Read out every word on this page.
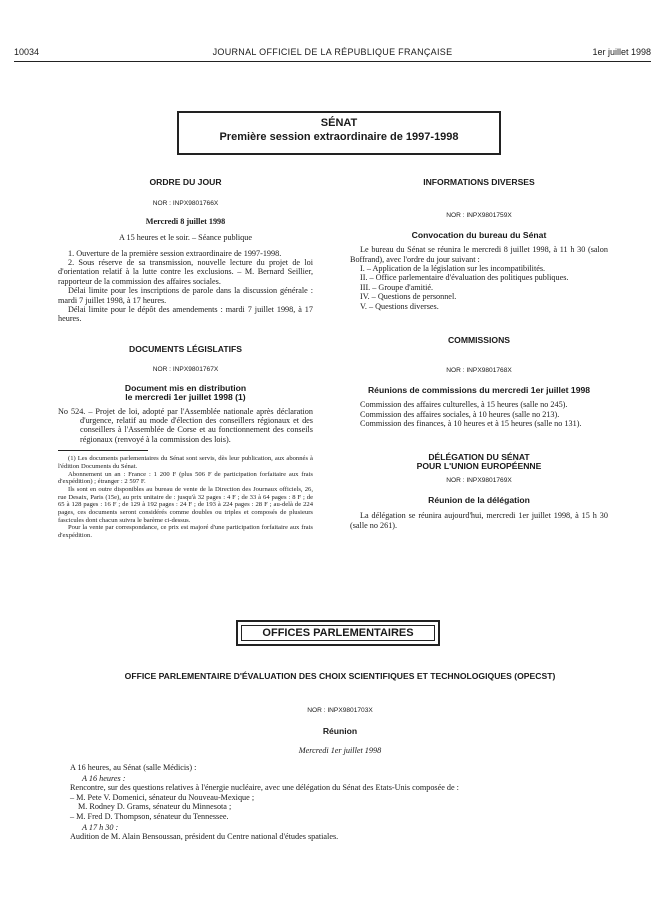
10034	JOURNAL OFFICIEL DE LA RÉPUBLIQUE FRANÇAISE	1er juillet 1998
SÉNAT
Première session extraordinaire de 1997-1998
ORDRE DU JOUR
NOR : INPX9801766X
Mercredi 8 juillet 1998
A 15 heures et le soir. – Séance publique

1. Ouverture de la première session extraordinaire de 1997-1998.

2. Sous réserve de sa transmission, nouvelle lecture du projet de loi d'orientation relatif à la lutte contre les exclusions. – M. Bernard Seillier, rapporteur de la commission des affaires sociales.

Délai limite pour les inscriptions de parole dans la discussion générale : mardi 7 juillet 1998, à 17 heures.

Délai limite pour le dépôt des amendements : mardi 7 juillet 1998, à 17 heures.

DOCUMENTS LÉGISLATIFS
NOR : INPX9801767X
Document mis en distribution
le mercredi 1er juillet 1998 (1)

No 524. – Projet de loi, adopté par l'Assemblée nationale après déclaration d'urgence, relatif au mode d'élection des conseillers régionaux et des conseillers à l'Assemblée de Corse et au fonctionnement des conseils régionaux (renvoyé à la commission des lois).

(1) Les documents parlementaires du Sénat sont servis, dès leur publication, aux abonnés à l'édition Documents du Sénat.

Abonnement un an : France : 1 200 F (plus 506 F de participation forfaitaire aux frais d'expédition) ; étranger : 2 597 F.

Ils sont en outre disponibles au bureau de vente de la Direction des Journaux officiels, 26, rue Desaix, Paris (15e), au prix unitaire de : jusqu'à 32 pages : 4 F ; de 33 à 64 pages : 8 F ; de 65 à 128 pages : 16 F ; de 129 à 192 pages : 24 F ; de 193 à 224 pages : 28 F ; au-delà de 224 pages, ces documents seront considérés comme doubles ou triples et composés de plusieurs fascicules dont chacun suivra le barème ci-dessus.

Pour la vente par correspondance, ce prix est majoré d'une participation forfaitaire aux frais d'expédition.

INFORMATIONS DIVERSES
NOR : INPX9801759X
Convocation du bureau du Sénat

Le bureau du Sénat se réunira le mercredi 8 juillet 1998, à 11 h 30 (salon Boffrand), avec l'ordre du jour suivant :

I. – Application de la législation sur les incompatibilités.

II. – Office parlementaire d'évaluation des politiques publiques.

III. – Groupe d'amitié.

IV. – Questions de personnel.

V. – Questions diverses.

COMMISSIONS
NOR : INPX9801768X
Réunions de commissions du mercredi 1er juillet 1998

Commission des affaires culturelles, à 15 heures (salle no 245).

Commission des affaires sociales, à 10 heures (salle no 213).

Commission des finances, à 10 heures et à 15 heures (salle no 131).

DÉLÉGATION DU SÉNAT
POUR L'UNION EUROPÉENNE
NOR : INPX9801769X
Réunion de la délégation

La délégation se réunira aujourd'hui, mercredi 1er juillet 1998, à 15 h 30 (salle no 261).

OFFICES PARLEMENTAIRES
OFFICE PARLEMENTAIRE D'ÉVALUATION DES CHOIX SCIENTIFIQUES ET TECHNOLOGIQUES (OPECST)
NOR : INPX9801703X
Réunion
Mercredi 1er juillet 1998

A 16 heures, au Sénat (salle Médicis) :

A 16 heures :

Rencontre, sur des questions relatives à l'énergie nucléaire, avec une délégation du Sénat des Etats-Unis composée de :

– M. Pete V. Domenici, sénateur du Nouveau-Mexique ;

M. Rodney D. Grams, sénateur du Minnesota ;

– M. Fred D. Thompson, sénateur du Tennessee.

A 17 h 30 :

Audition de M. Alain Bensoussan, président du Centre national d'études spatiales.
